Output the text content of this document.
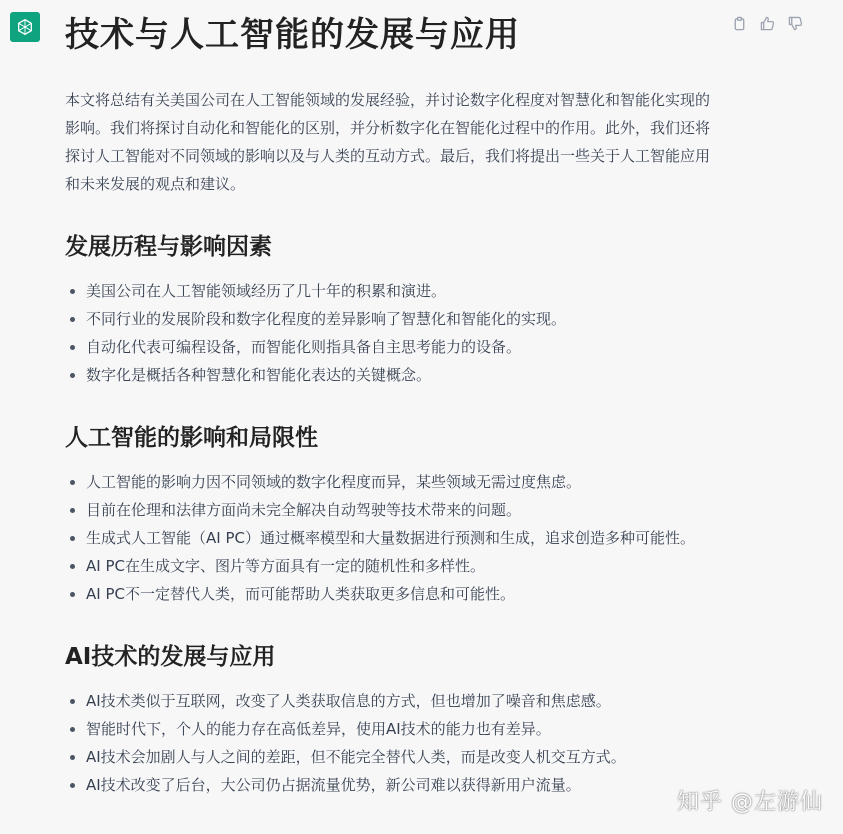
技术与人工智能的发展与应用

本文将总结有关美国公司在人工智能领域的发展经验，并讨论数字化程度对智慧化和智能化实现的影响。我们将探讨自动化和智能化的区别，并分析数字化在智能化过程中的作用。此外，我们还将探讨人工智能对不同领域的影响以及与人类的互动方式。最后，我们将提出一些关于人工智能应用和未来发展的观点和建议。

发展历程与影响因素
美国公司在人工智能领域经历了几十年的积累和演进。
不同行业的发展阶段和数字化程度的差异影响了智慧化和智能化的实现。
自动化代表可编程设备，而智能化则指具备自主思考能力的设备。
数字化是概括各种智慧化和智能化表达的关键概念。
人工智能的影响和局限性
人工智能的影响力因不同领域的数字化程度而异，某些领域无需过度焦虑。
目前在伦理和法律方面尚未完全解决自动驾驶等技术带来的问题。
生成式人工智能（AI PC）通过概率模型和大量数据进行预测和生成，追求创造多种可能性。
AI PC在生成文字、图片等方面具有一定的随机性和多样性。
AI PC不一定替代人类，而可能帮助人类获取更多信息和可能性。
AI技术的发展与应用
AI技术类似于互联网，改变了人类获取信息的方式，但也增加了噪音和焦虑感。
智能时代下，个人的能力存在高低差异，使用AI技术的能力也有差异。
AI技术会加剧人与人之间的差距，但不能完全替代人类，而是改变人机交互方式。
AI技术改变了后台，大公司仍占据流量优势，新公司难以获得新用户流量。
知乎 @左游仙
